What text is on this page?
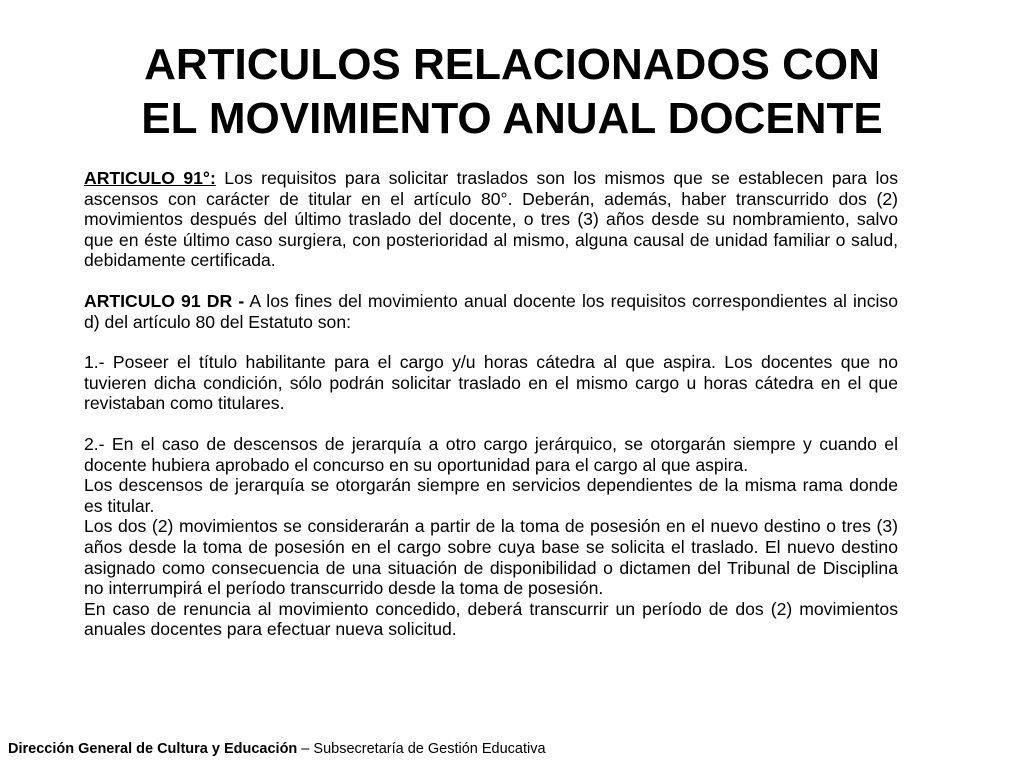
ARTICULOS RELACIONADOS CON
EL MOVIMIENTO ANUAL DOCENTE

ARTICULO 91°: Los requisitos para solicitar traslados son los mismos que se establecen para los ascensos con carácter de titular en el artículo 80°. Deberán, además, haber transcurrido dos (2) movimientos después del último traslado del docente, o tres (3) años desde su nombramiento, salvo que en éste último caso surgiera, con posterioridad al mismo, alguna causal de unidad familiar o salud, debidamente certificada.

ARTICULO 91 DR - A los fines del movimiento anual docente los requisitos correspondientes al inciso d) del artículo 80 del Estatuto son:

1.- Poseer el título habilitante para el cargo y/u horas cátedra al que aspira. Los docentes que no tuvieren dicha condición, sólo podrán solicitar traslado en el mismo cargo u horas cátedra en el que revistaban como titulares.

2.- En el caso de descensos de jerarquía a otro cargo jerárquico, se otorgarán siempre y cuando el docente hubiera aprobado el concurso en su oportunidad para el cargo al que aspira.

Los descensos de jerarquía se otorgarán siempre en servicios dependientes de la misma rama donde es titular.

Los dos (2) movimientos se considerarán a partir de la toma de posesión en el nuevo destino o tres (3) años desde la toma de posesión en el cargo sobre cuya base se solicita el traslado. El nuevo destino asignado como consecuencia de una situación de disponibilidad o dictamen del Tribunal de Disciplina no interrumpirá el período transcurrido desde la toma de posesión.

En caso de renuncia al movimiento concedido, deberá transcurrir un período de dos (2) movimientos anuales docentes para efectuar nueva solicitud.

Dirección General de Cultura y Educación – Subsecretaría de Gestión Educativa
